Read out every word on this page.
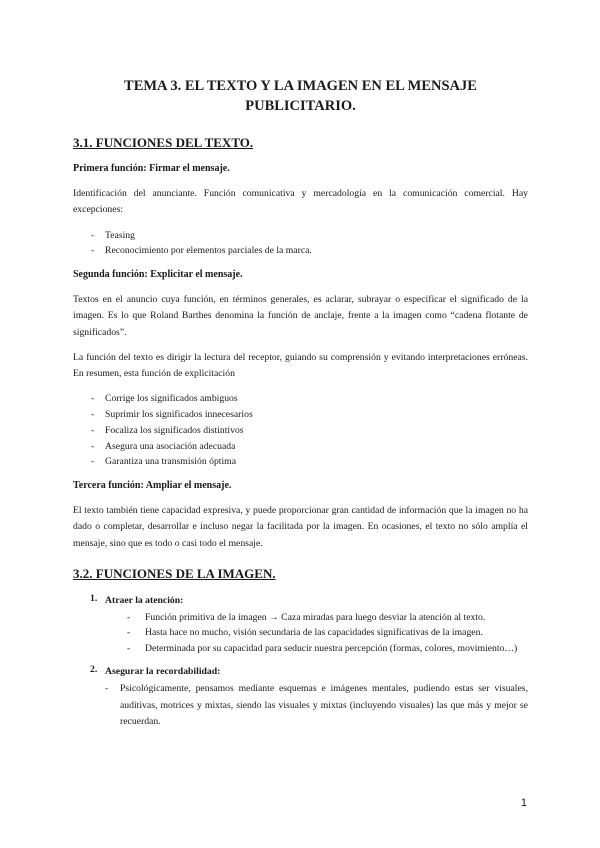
TEMA 3. EL TEXTO Y LA IMAGEN EN EL MENSAJE PUBLICITARIO.
3.1. FUNCIONES DEL TEXTO.
Primera función: Firmar el mensaje.

Identificación del anunciante. Función comunicativa y mercadología en la comunicación comercial. Hay excepciones:

- Teasing
- Reconocimiento por elementos parciales de la marca.
Segunda función: Explicitar el mensaje.

Textos en el anuncio cuya función, en términos generales, es aclarar, subrayar o especificar el significado de la imagen. Es lo que Roland Barthes denomina la función de anclaje, frente a la imagen como “cadena flotante de significados”.

La función del texto es dirigir la lectura del receptor, guiando su comprensión y evitando interpretaciones erróneas. En resumen, esta función de explicitación

- Corrige los significados ambiguos
- Suprimir los significados innecesarios
- Focaliza los significados distintivos
- Asegura una asociación adecuada
- Garantiza una transmisión óptima
Tercera función: Ampliar el mensaje.

El texto también tiene capacidad expresiva, y puede proporcionar gran cantidad de información que la imagen no ha dado o completar, desarrollar e incluso negar la facilitada por la imagen. En ocasiones, el texto no sólo amplía el mensaje, sino que es todo o casi todo el mensaje.

3.2. FUNCIONES DE LA IMAGEN.
1. Atraer la atención:
- Función primitiva de la imagen → Caza miradas para luego desviar la atención al texto.
- Hasta hace no mucho, visión secundaria de las capacidades significativas de la imagen.
- Determinada por su capacidad para seducir nuestra percepción (formas, colores, movimiento…)
2. Asegurar la recordabilidad:
- Psicológicamente, pensamos mediante esquemas e imágenes mentales, pudiendo estas ser visuales, auditivas, motrices y mixtas, siendo las visuales y mixtas (incluyendo visuales) las que más y mejor se recuerdan.
1
